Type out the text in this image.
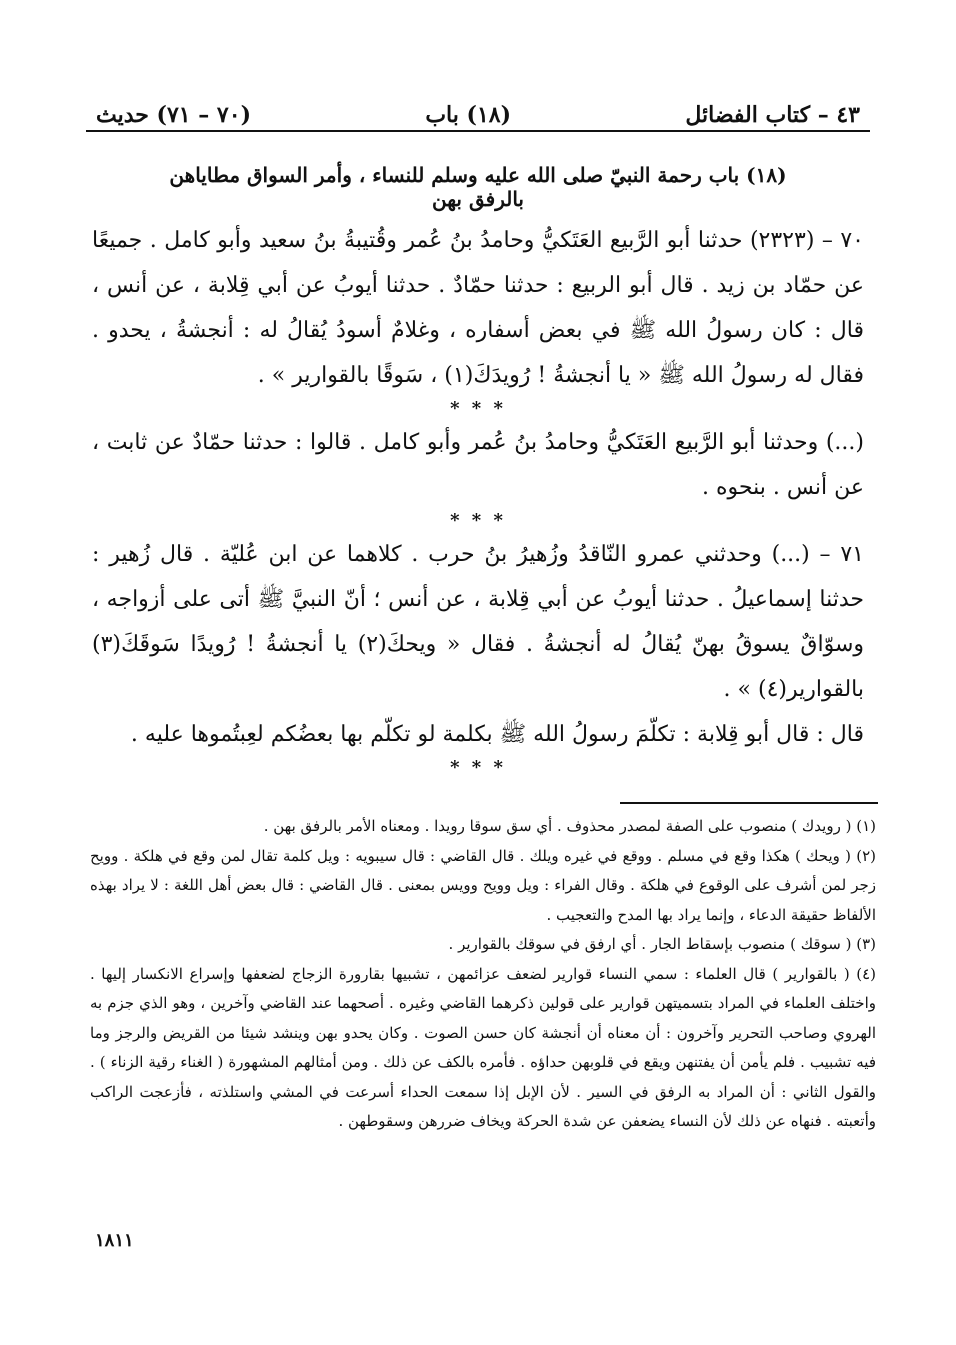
٤٣ – كتاب الفضائل
(١٨) باب
(٧٠ – ٧١) حديث
(١٨) باب رحمة النبيّ صلى الله عليه وسلم للنساء ، وأمر السواق مطاياهن بالرفق بهن

٧٠ – (٢٣٢٣) حدثنا أبو الرَّبيع العَتَكيُّ وحامدُ بنُ عُمر وقُتيبةُ بنُ سعيد وأبو كامل . جميعًا عن حمّاد بن زيد . قال أبو الربيع : حدثنا حمّادٌ . حدثنا أيوبُ عن أبي قِلابة ، عن أنس ، قال : كان رسولُ الله ﷺ في بعض أسفاره ، وغلامٌ أسودُ يُقالُ له : أنجشةُ ، يحدو . فقال له رسولُ الله ﷺ « يا أنجشةُ ! رُويدَكَ(١) ، سَوقًا بالقوارير » .

* * *

(...) وحدثنا أبو الرَّبيع العَتَكيُّ وحامدُ بنُ عُمر وأبو كامل . قالوا : حدثنا حمّادٌ عن ثابت ، عن أنس . بنحوه .

* * *

٧١ – (...) وحدثني عمرو النّاقدُ وزُهيرُ بنُ حرب . كلاهما عن ابن عُليّة . قال زُهير : حدثنا إسماعيلُ . حدثنا أيوبُ عن أبي قِلابة ، عن أنس ؛ أنّ النبيَّ ﷺ أتى على أزواجه ، وسوّاقٌ يسوقُ بهنّ يُقالُ له أنجشةُ . فقال « ويحكَ(٢) يا أنجشةُ ! رُويدًا سَوقَكَ(٣) بالقوارير(٤) » .

قال : قال أبو قِلابة : تكلّمَ رسولُ الله ﷺ بكلمة لو تكلّم بها بعضُكم لعِبتُموها عليه .

* * *

(١) ( رويدك ) منصوب على الصفة لمصدر محذوف . أي سق سوقا رويدا . ومعناه الأمر بالرفق بهن .

(٢) ( ويحك ) هكذا وقع في مسلم . ووقع في غيره ويلك . قال القاضي : قال سيبويه : ويل كلمة تقال لمن وقع في هلكة . وويح زجر لمن أشرف على الوقوع في هلكة . وقال الفراء : ويل وويح وويس بمعنى . قال القاضي : قال بعض أهل اللغة : لا يراد بهذه الألفاظ حقيقة الدعاء ، وإنما يراد بها المدح والتعجيب .

(٣) ( سوقك ) منصوب بإسقاط الجار . أي ارفق في سوقك بالقوارير .

(٤) ( بالقوارير ) قال العلماء : سمي النساء قوارير لضعف عزائمهن ، تشبيها بقارورة الزجاج لضعفها وإسراع الانكسار إليها . واختلف العلماء في المراد بتسميتهن قوارير على قولين ذكرهما القاضي وغيره . أصحهما عند القاضي وآخرين ، وهو الذي جزم به الهروي وصاحب التحرير وآخرون : أن معناه أن أنجشة كان حسن الصوت . وكان يحدو بهن وينشد شيئا من القريض والرجز وما فيه تشبيب . فلم يأمن أن يفتنهن ويقع في قلوبهن حداؤه . فأمره بالكف عن ذلك . ومن أمثالهم المشهورة ( الغناء رقية الزناء ) . والقول الثاني : أن المراد به الرفق في السير . لأن الإبل إذا سمعت الحداء أسرعت في المشي واستلذته ، فأزعجت الراكب وأتعبته . فنهاه عن ذلك لأن النساء يضعفن عن شدة الحركة ويخاف ضررهن وسقوطهن .

١٨١١
